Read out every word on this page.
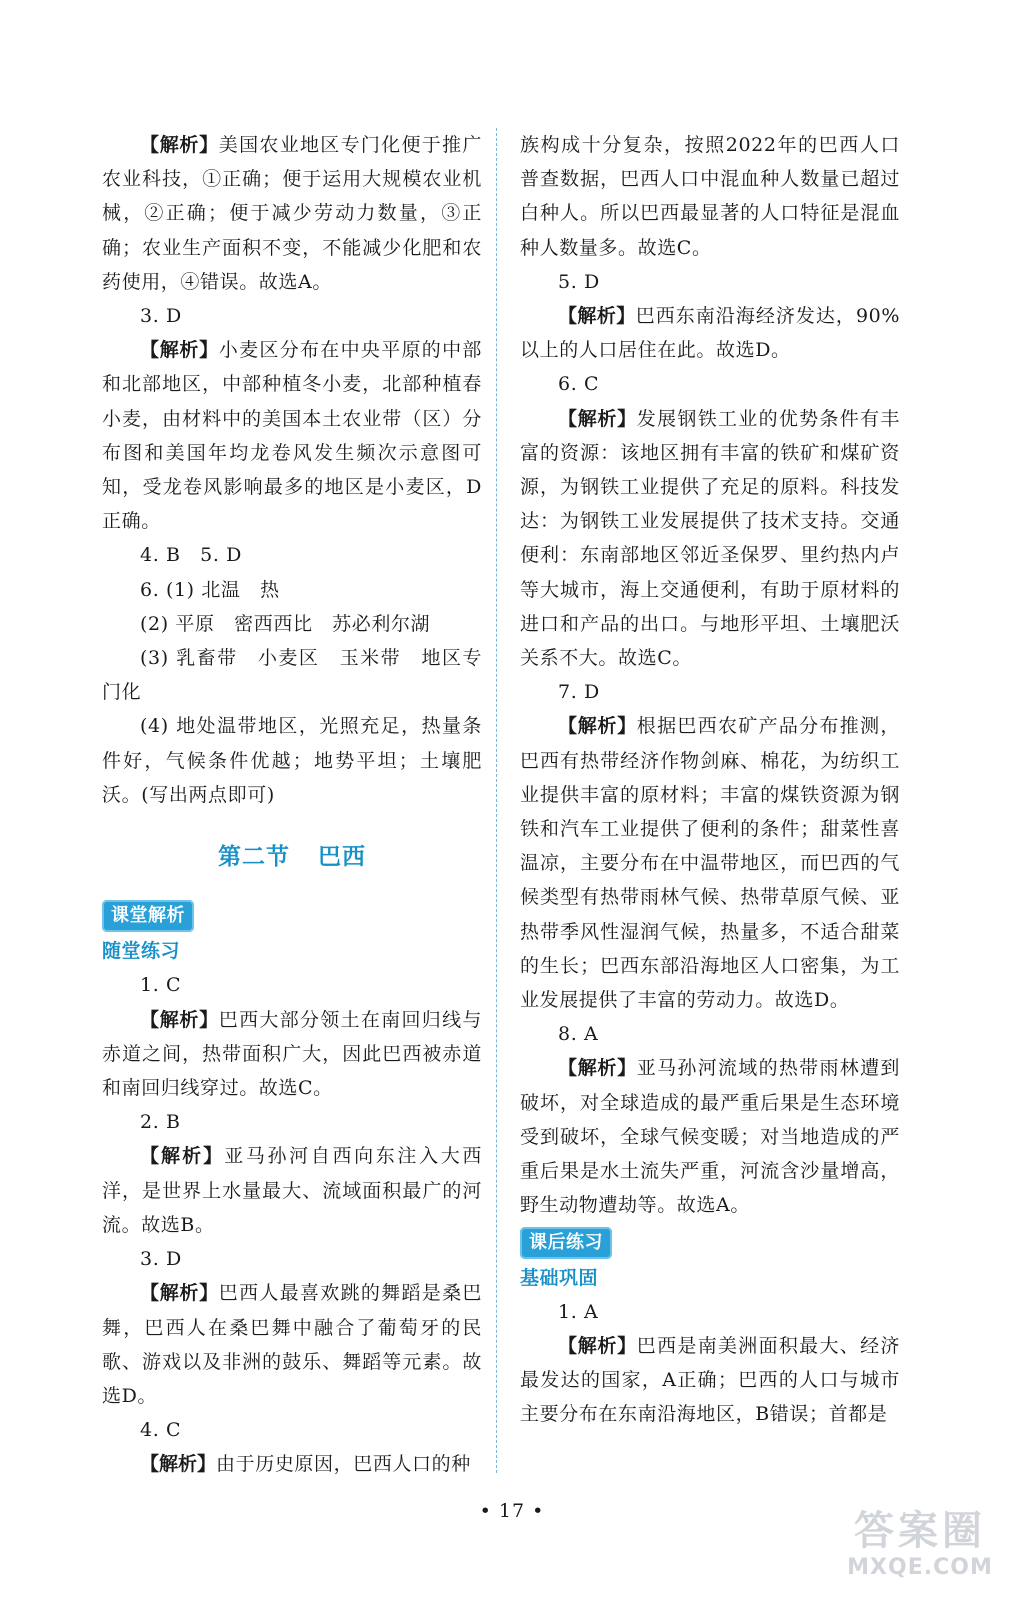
【解析】美国农业地区专门化便于推广农业科技，①正确；便于运用大规模农业机械，②正确；便于减少劳动力数量，③正确；农业生产面积不变，不能减少化肥和农药使用，④错误。故选A。

3. D

【解析】小麦区分布在中央平原的中部和北部地区，中部种植冬小麦，北部种植春小麦，由材料中的美国本土农业带（区）分布图和美国年均龙卷风发生频次示意图可知，受龙卷风影响最多的地区是小麦区，D正确。

4. B　5. D

6. (1) 北温　热

(2) 平原　密西西比　苏必利尔湖

(3) 乳畜带　小麦区　玉米带　地区专门化

(4) 地处温带地区，光照充足，热量条件好，气候条件优越；地势平坦；土壤肥沃。(写出两点即可)

第二节 巴西
课堂解析

随堂练习

1. C

【解析】巴西大部分领土在南回归线与赤道之间，热带面积广大，因此巴西被赤道和南回归线穿过。故选C。

2. B

【解析】亚马孙河自西向东注入大西洋，是世界上水量最大、流域面积最广的河流。故选B。

3. D

【解析】巴西人最喜欢跳的舞蹈是桑巴舞，巴西人在桑巴舞中融合了葡萄牙的民歌、游戏以及非洲的鼓乐、舞蹈等元素。故选D。

4. C

【解析】由于历史原因，巴西人口的种

族构成十分复杂，按照2022年的巴西人口普查数据，巴西人口中混血种人数量已超过白种人。所以巴西最显著的人口特征是混血种人数量多。故选C。

5. D

【解析】巴西东南沿海经济发达，90%以上的人口居住在此。故选D。

6. C

【解析】发展钢铁工业的优势条件有丰富的资源：该地区拥有丰富的铁矿和煤矿资源，为钢铁工业提供了充足的原料。科技发达：为钢铁工业发展提供了技术支持。交通便利：东南部地区邻近圣保罗、里约热内卢等大城市，海上交通便利，有助于原材料的进口和产品的出口。与地形平坦、土壤肥沃关系不大。故选C。

7. D

【解析】根据巴西农矿产品分布推测，巴西有热带经济作物剑麻、棉花，为纺织工业提供丰富的原材料；丰富的煤铁资源为钢铁和汽车工业提供了便利的条件；甜菜性喜温凉，主要分布在中温带地区，而巴西的气候类型有热带雨林气候、热带草原气候、亚热带季风性湿润气候，热量多，不适合甜菜的生长；巴西东部沿海地区人口密集，为工业发展提供了丰富的劳动力。故选D。

8. A

【解析】亚马孙河流域的热带雨林遭到破坏，对全球造成的最严重后果是生态环境受到破坏，全球气候变暖；对当地造成的严重后果是水土流失严重，河流含沙量增高，野生动物遭劫等。故选A。

课后练习

基础巩固

1. A

【解析】巴西是南美洲面积最大、经济最发达的国家，A正确；巴西的人口与城市主要分布在东南沿海地区，B错误；首都是

• 17 •	答案圈
MXQE.COM
